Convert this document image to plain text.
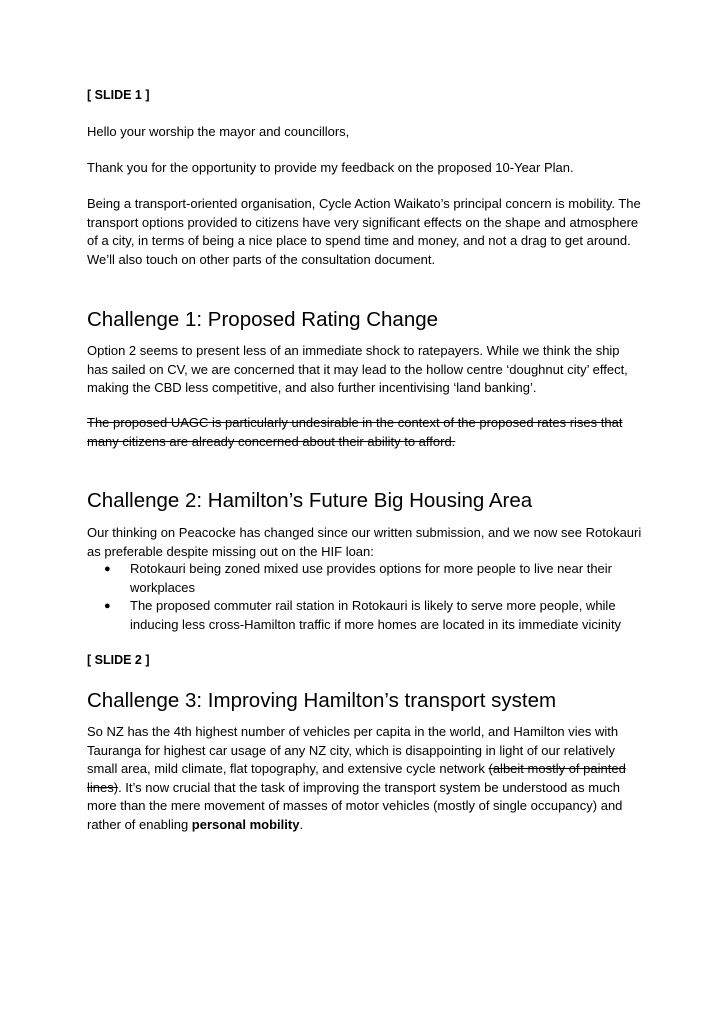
[ SLIDE 1 ]

Hello your worship the mayor and councillors,

Thank you for the opportunity to provide my feedback on the proposed 10-Year Plan.

Being a transport-oriented organisation, Cycle Action Waikato’s principal concern is mobility. The transport options provided to citizens have very significant effects on the shape and atmosphere of a city, in terms of being a nice place to spend time and money, and not a drag to get around. We’ll also touch on other parts of the consultation document.

Challenge 1: Proposed Rating Change

Option 2 seems to present less of an immediate shock to ratepayers. While we think the ship has sailed on CV, we are concerned that it may lead to the hollow centre ‘doughnut city’ effect, making the CBD less competitive, and also further incentivising ‘land banking’.

The proposed UAGC is particularly undesirable in the context of the proposed rates rises that many citizens are already concerned about their ability to afford.

Challenge 2: Hamilton’s Future Big Housing Area

Our thinking on Peacocke has changed since our written submission, and we now see Rotokauri as preferable despite missing out on the HIF loan:

● Rotokauri being zoned mixed use provides options for more people to live near their workplaces
● The proposed commuter rail station in Rotokauri is likely to serve more people, while inducing less cross-Hamilton traffic if more homes are located in its immediate vicinity

[ SLIDE 2 ]

Challenge 3: Improving Hamilton’s transport system

So NZ has the 4th highest number of vehicles per capita in the world, and Hamilton vies with Tauranga for highest car usage of any NZ city, which is disappointing in light of our relatively small area, mild climate, flat topography, and extensive cycle network (albeit mostly of painted lines). It’s now crucial that the task of improving the transport system be understood as much more than the mere movement of masses of motor vehicles (mostly of single occupancy) and rather of enabling personal mobility.
